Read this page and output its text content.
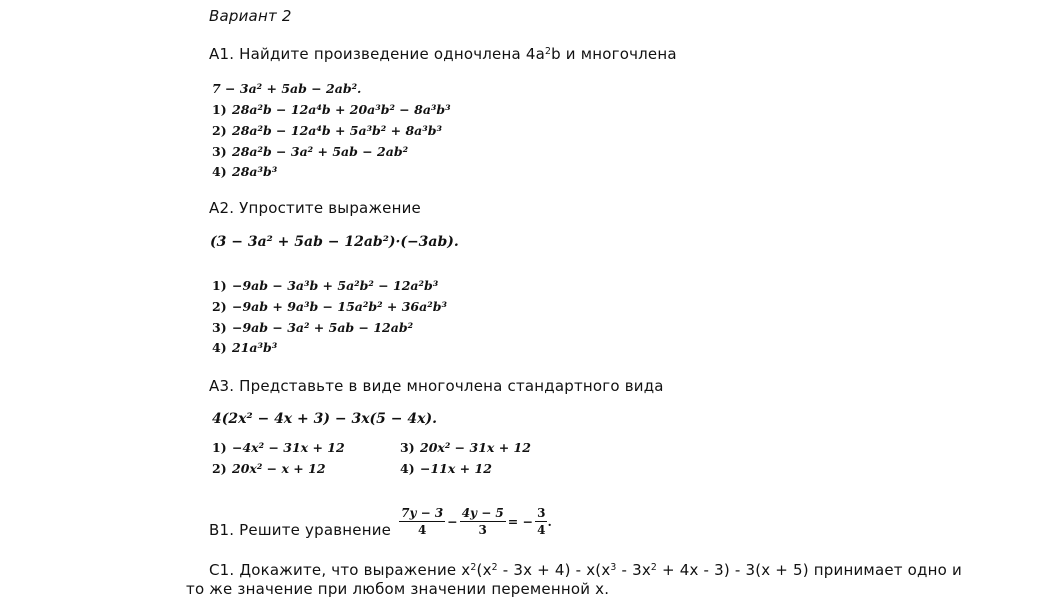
Вариант 2
А1. Найдите произведение одночлена $4a^2b$ и многочлена
7 − 3a² + 5ab − 2ab².
1) 28a²b − 12a⁴b + 20a³b² − 8a³b³
2) 28a²b − 12a⁴b + 5a³b² + 8a³b³
3) 28a²b − 3a² + 5ab − 2ab²
4) 28a³b³
А2. Упростите выражение
(3 − 3a² + 5ab − 12ab²)·(−3ab).
1) −9ab − 3a³b + 5a²b² − 12a²b³
2) −9ab + 9a³b − 15a²b² + 36a²b³
3) −9ab − 3a² + 5ab − 12ab²
4) 21a³b³
А3. Представьте в виде многочлена стандартного вида
4(2x² − 4x + 3) − 3x(5 − 4x).
1) −4x² − 31x + 12
2) 20x² − x + 12
3) 20x² − 31x + 12
4) −11x + 12
В1. Решите уравнение $\frac{7y - 3}{4} - \frac{4y - 5}{3}$ = − $\frac{3}{4}$ .
С1. Докажите, что выражение $x^2(x^2 - 3x + 4) - x(x^3 - 3x^2 + 4x - 3) - 3(x + 5)$ принимает одно и
то же значение при любом значении переменной x.
